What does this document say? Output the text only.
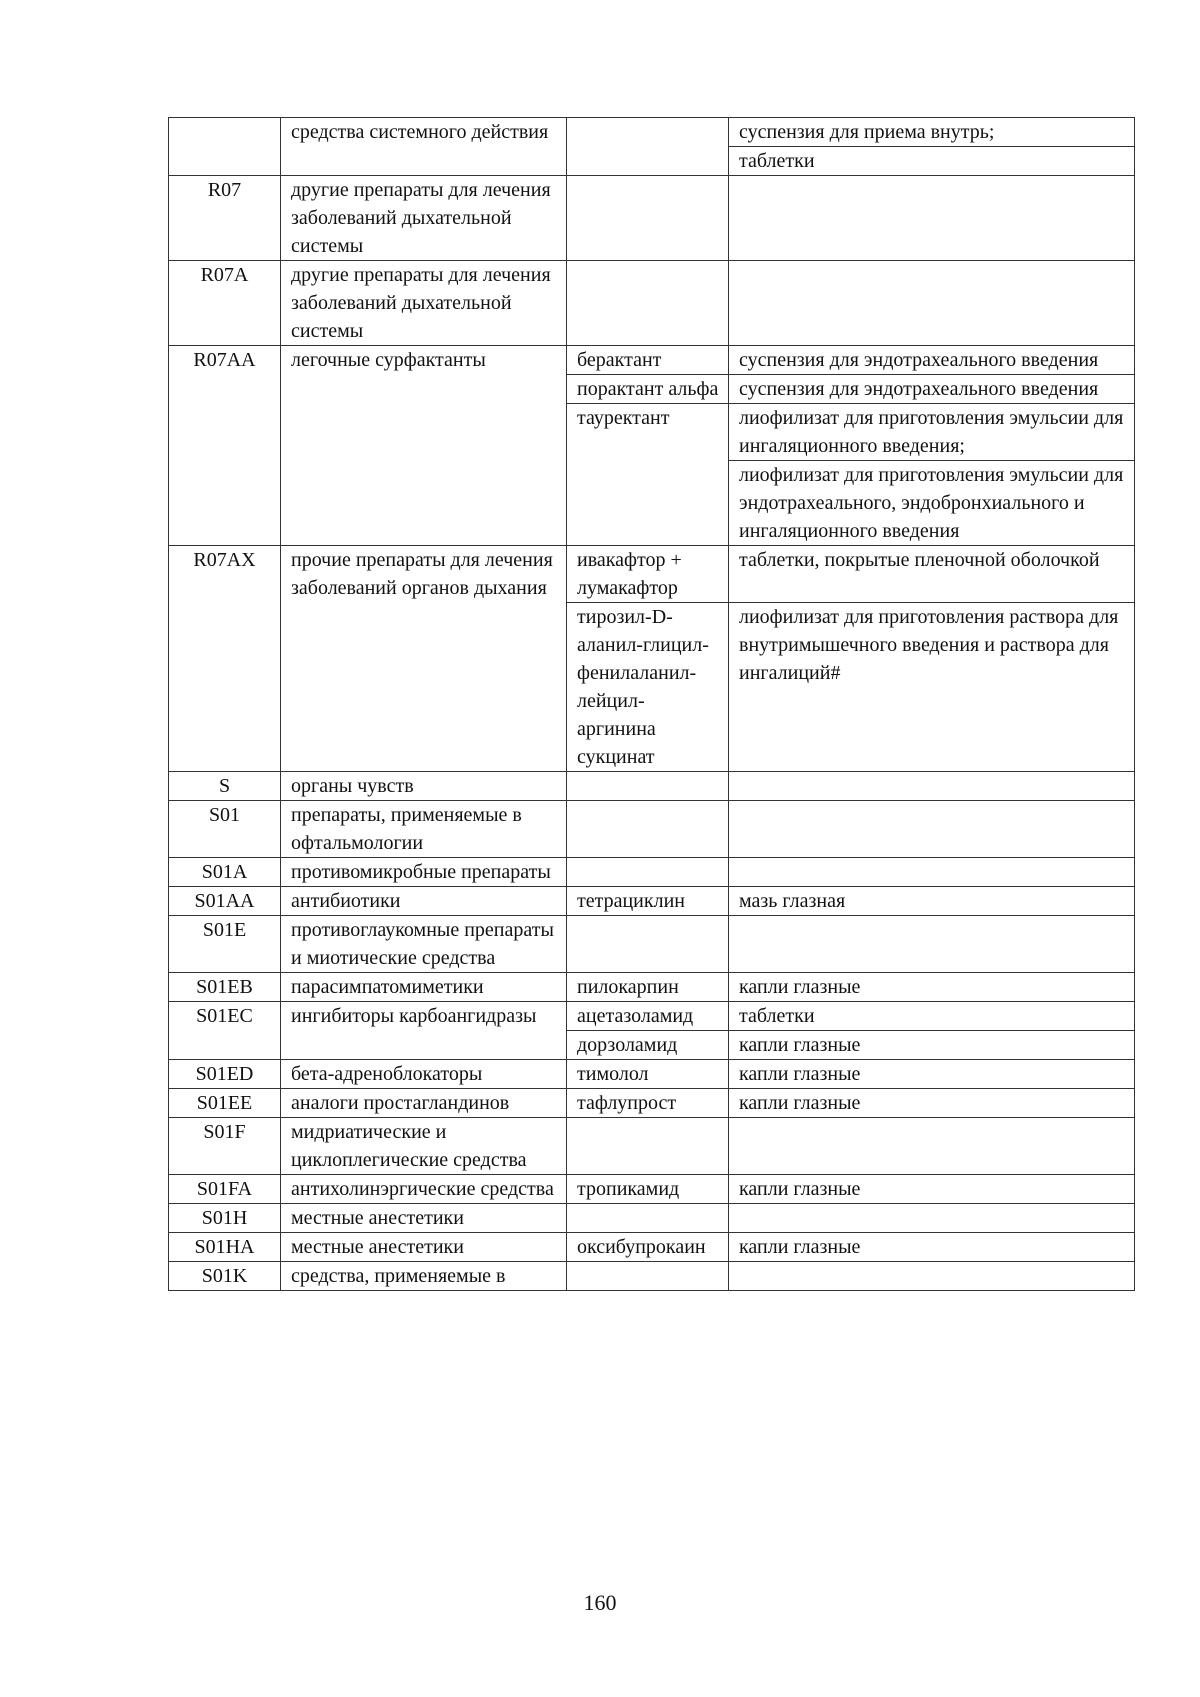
	средства системного действия		суспензия для приема внутрь;
			таблетки
R07	другие препараты для лечения заболеваний дыхательной системы		
R07A	другие препараты для лечения заболеваний дыхательной системы		
R07AA	легочные сурфактанты	берактант	суспензия для эндотрахеального введения
		порактант альфа	суспензия для эндотрахеального введения
		тауректант	лиофилизат для приготовления эмульсии для ингаляционного введения;
			лиофилизат для приготовления эмульсии для эндотрахеального, эндобронхиального и ингаляционного введения
R07AX	прочие препараты для лечения заболеваний органов дыхания	ивакафтор + лумакафтор	таблетки, покрытые пленочной оболочкой
		тирозил-D-аланил-глицил-фенилаланил-лейцил-аргинина сукцинат	лиофилизат для приготовления раствора для внутримышечного введения и раствора для ингалиций#
S	органы чувств		
S01	препараты, применяемые в офтальмологии		
S01A	противомикробные препараты		
S01AA	антибиотики	тетрациклин	мазь глазная
S01E	противоглаукомные препараты и миотические средства		
S01EB	парасимпатомиметики	пилокарпин	капли глазные
S01EC	ингибиторы карбоангидразы	ацетазоламид	таблетки
		дорзоламид	капли глазные
S01ED	бета-адреноблокаторы	тимолол	капли глазные
S01EE	аналоги простагландинов	тафлупрост	капли глазные
S01F	мидриатические и циклоплегические средства		
S01FA	антихолинэргические средства	тропикамид	капли глазные
S01H	местные анестетики		
S01HA	местные анестетики	оксибупрокаин	капли глазные
S01K	средства, применяемые в		
160
